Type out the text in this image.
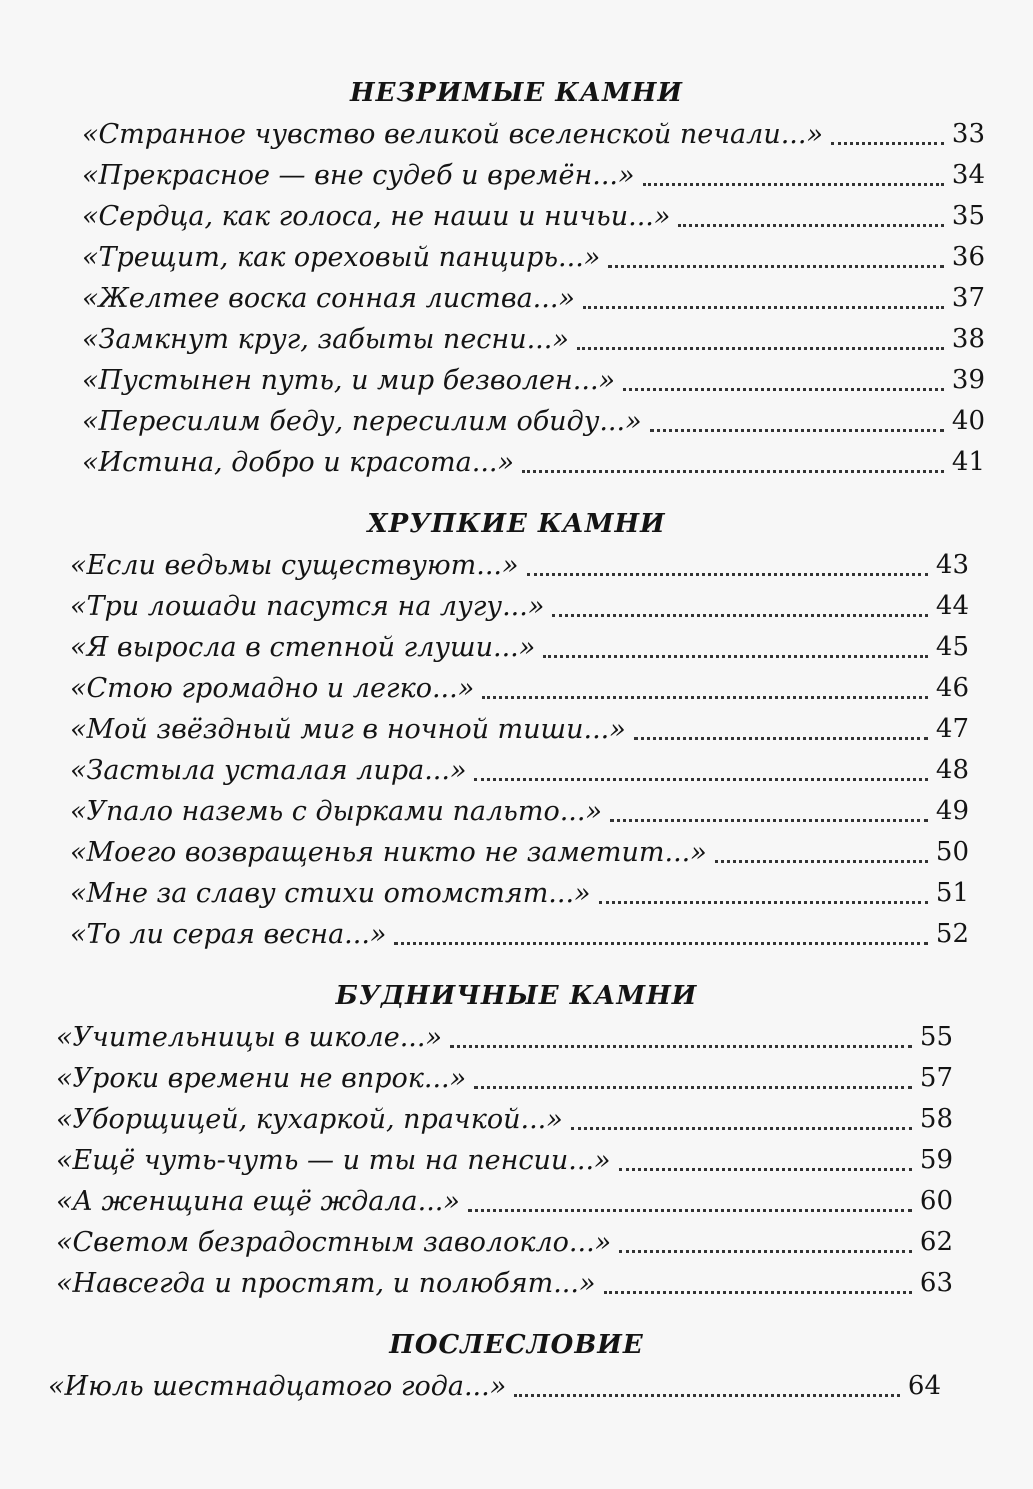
НЕЗРИМЫЕ КАМНИ
«Странное чувство великой вселенской печали...»	33
«Прекрасное — вне судеб и времён...»	34
«Сердца, как голоса, не наши и ничьи...»	35
«Трещит, как ореховый панцирь...»	36
«Желтее воска сонная листва...»	37
«Замкнут круг, забыты песни...»	38
«Пустынен путь, и мир безволен...»	39
«Пересилим беду, пересилим обиду...»	40
«Истина, добро и красота...»	41
ХРУПКИЕ КАМНИ
«Если ведьмы существуют...»	43
«Три лошади пасутся на лугу...»	44
«Я выросла в степной глуши...»	45
«Стою громадно и легко...»	46
«Мой звёздный миг в ночной тиши...»	47
«Застыла усталая лира...»	48
«Упало наземь с дырками пальто...»	49
«Моего возвращенья никто не заметит...»	50
«Мне за славу стихи отомстят...»	51
«То ли серая весна...»	52
БУДНИЧНЫЕ КАМНИ
«Учительницы в школе...»	55
«Уроки времени не впрок...»	57
«Уборщицей, кухаркой, прачкой...»	58
«Ещё чуть-чуть — и ты на пенсии...»	59
«А женщина ещё ждала...»	60
«Светом безрадостным заволокло...»	62
«Навсегда и простят, и полюбят...»	63
ПОСЛЕСЛОВИЕ
«Июль шестнадцатого года...»	64
